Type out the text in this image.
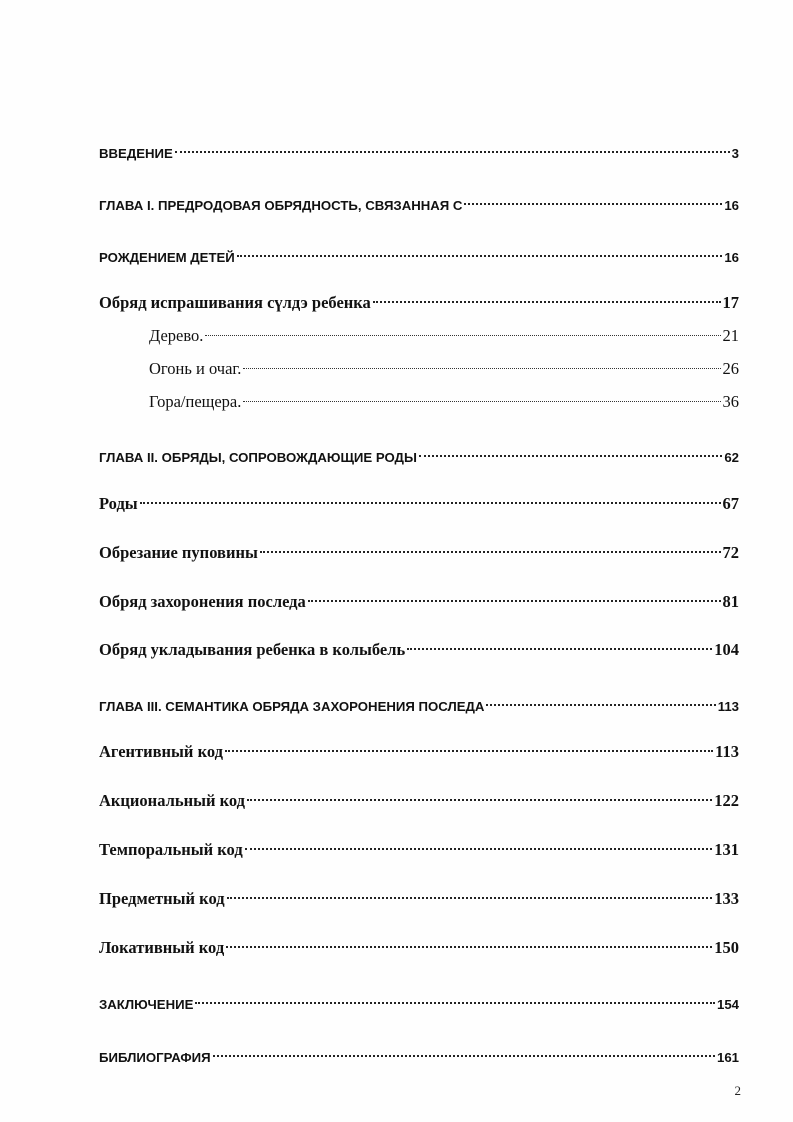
ВВЕДЕНИЕ	3
ГЛАВА I. ПРЕДРОДОВАЯ ОБРЯДНОСТЬ, СВЯЗАННАЯ С	16
РОЖДЕНИЕМ ДЕТЕЙ	16
Обряд испрашивания сүлдэ ребенка	17
Дерево.	21
Огонь и очаг.	26
Гора/пещера.	36
ГЛАВА II. ОБРЯДЫ, СОПРОВОЖДАЮЩИЕ РОДЫ	62
Роды	67
Обрезание пуповины	72
Обряд захоронения последа	81
Обряд укладывания ребенка в колыбель	104
ГЛАВА III. СЕМАНТИКА ОБРЯДА ЗАХОРОНЕНИЯ ПОСЛЕДА	113
Агентивный код	113
Акциональный код	122
Темпоральный код	131
Предметный код	133
Локативный код	150
ЗАКЛЮЧЕНИЕ	154
БИБЛИОГРАФИЯ	161
2
